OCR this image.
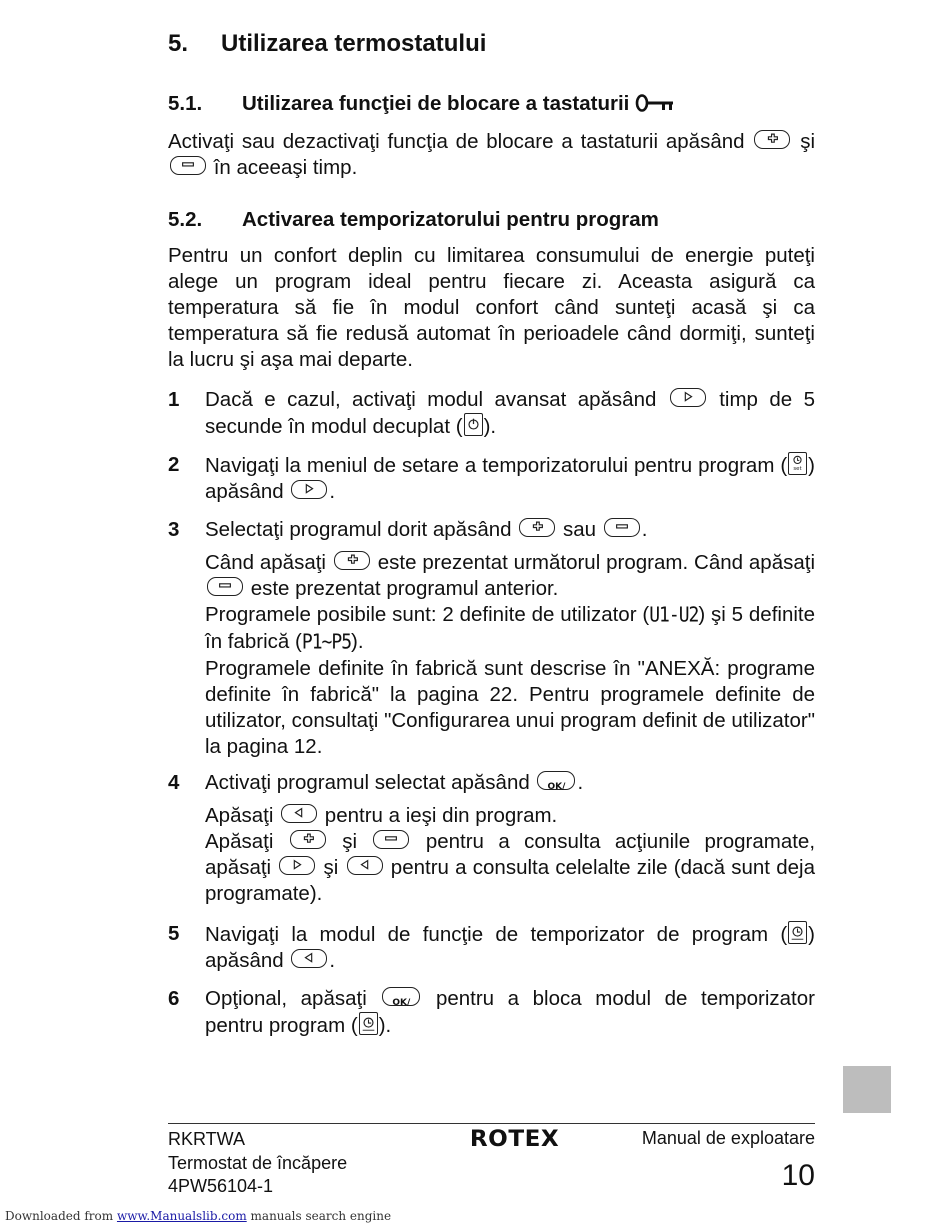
5. Utilizarea termostatului
5.1. Utilizarea funcţiei de blocare a tastaturii

Activaţi sau dezactivaţi funcţia de blocare a tastaturii apăsând	şi
în aceeaşi timp.

5.2. Activarea temporizatorului pentru program

Pentru un confort deplin cu limitarea consumului de energie puteţi alege un program ideal pentru fiecare zi. Aceasta asigură ca temperatura să fie în modul confort când sunteţi acasă şi ca temperatura să fie redusă automat în perioadele când dormiţi, sunteţi la lucru şi aşa mai departe.

1 Dacă e cazul, activaţi modul avansat apăsând	timp de 5 secunde în modul decuplat ( ).
2 Navigaţi la meniul de setare a temporizatorului pentru program ( set ) apăsând .
3 Selectaţi programul dorit apăsând	sau .
Când apăsaţi	este prezentat următorul program. Când apăsaţi
este prezentat programul anterior.
Programele posibile sunt: 2 definite de utilizator (U1-U2) şi 5 definite în fabrică (P1~P5).
Programele definite în fabrică sunt descrise în "ANEXĂ: programe definite în fabrică" la pagina 22. Pentru programele definite de utilizator, consultaţi "Configurarea unui program definit de utilizator" la pagina 12.
4 Activaţi programul selectat apăsând	OK/ .
Apăsaţi	pentru a ieşi din program.
Apăsaţi	şi	pentru a consulta acţiunile programate, apăsaţi	şi	pentru a consulta celelalte zile (dacă sunt deja programate).
5 Navigaţi la modul de funcţie de temporizator de program ( ) apăsând .
6 Opţional, apăsaţi	OK/	pentru a bloca modul de temporizator pentru program ( ).
RKRTWA
Termostat de încăpere
4PW56104-1
ROTEX	Manual de exploatare
10
Downloaded from www.Manualslib.com manuals search engine
